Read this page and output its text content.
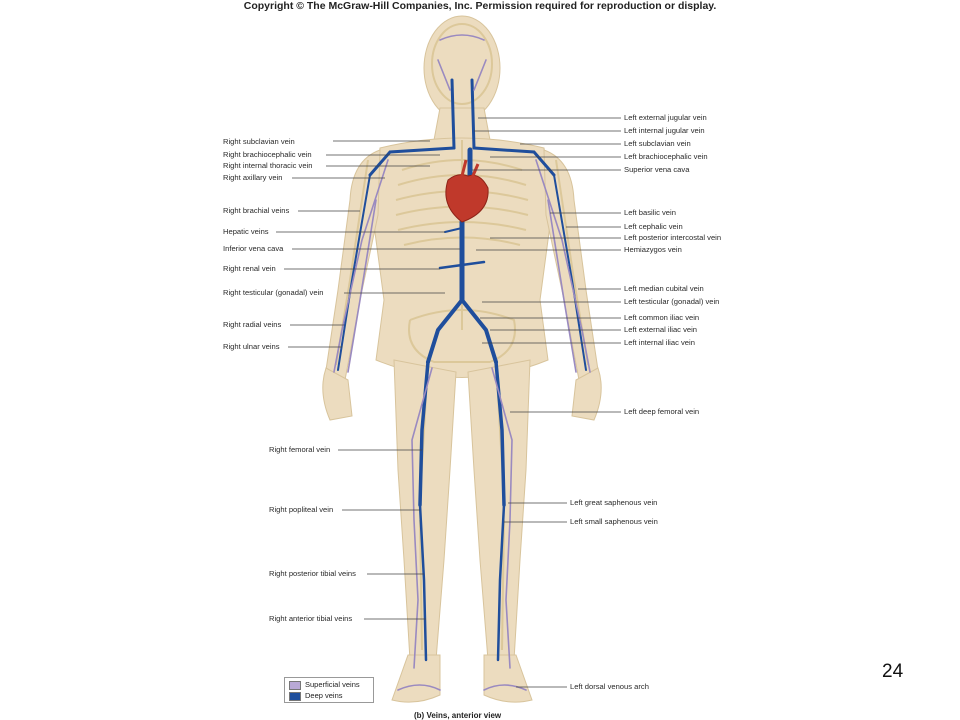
Copyright © The McGraw-Hill Companies, Inc. Permission required for reproduction or display.
Right subclavian vein
Right brachiocephalic vein
Right internal thoracic vein
Right axillary vein
Right brachial veins
Hepatic veins
Inferior vena cava
Right renal vein
Right testicular (gonadal) vein
Right radial veins
Right ulnar veins
Right femoral vein
Right popliteal vein
Right posterior tibial veins
Right anterior tibial veins
Left external jugular vein
Left internal jugular vein
Left subclavian vein
Left brachiocephalic vein
Superior vena cava
Left basilic vein
Left cephalic vein
Left posterior intercostal vein
Hemiazygos vein
Left median cubital vein
Left testicular (gonadal) vein
Left common iliac vein
Left external iliac vein
Left internal iliac vein
Left deep femoral vein
Left great saphenous vein
Left small saphenous vein
Left dorsal venous arch
Superficial veins
Deep veins
(b) Veins, anterior view
24
